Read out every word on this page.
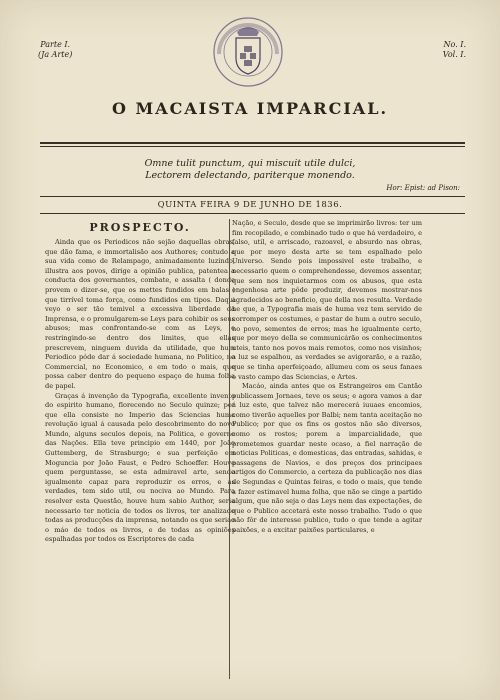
Parte I.
(Ja Arte)
No. I.
Vol. I.
O MACAISTA IMPARCIAL.
Omne tulit punctum, qui miscuit utile dulci,
Lectorem delectando, pariterque monendo.
Hor: Epist: ad Pison:
QUINTA FEIRA 9 DE JUNHO DE 1836.
PROSPECTO.

Ainda que os Periodicos não sejão daquellas obras, que dão fama, e immortalisão aos Authores; contudo a sua vida como de Relampago, animadamente luzindo, illustra aos povos, dirige a opinião publica, patentea a conducta dos governantes, combate, e assalta ( donde provem o dizer-se, que os mettes fundidos em balas ) que tirrível toma força, como fundidos em tipos. Daqui veyo o ser tão temivel a excessiva liberdade da Imprensa, e o promulgarem-se Leys para cohibir os seus abusos; mas confrontando-se com as Leys, e restringindo-se dentro dos limites, que ellas prescrevem, ninguem duvida da utilidade, que hum Periodico póde dar á sociedade humana, no Politico, no Commercial, no Economico, e em todo o mais, que possa caber dentro do pequeno espaço de huma folha de papel.

Graças á invenção da Typografia, excellente invento do espirito humano, florecendo no Seculo quinze; por que ella consiste no Imperio das Sciencias huma revolução igual á causada pelo descobrimento do novo Mundo, alguns seculos depois, na Politica, e governo das Nações. Ella teve principio em 1440, por João Guttemberg, de Strasburgo; e sua perfeição em Moguncia por João Faust, e Pedro Schoeffer. Houve quem perguntasse, se esta admiravel arte, sendo igualmente capaz para reproduzir os erros, e as verdades, tem sido util, ou nociva ao Mundo. Para resolver esta Questão, houve hum sabio Author, seria necessario ter noticia de todos os livros, ter analizado todas as producções da imprensa, notando os que seriao o máo de todos os livros, e de todas as opiniões espalhadas por todos os Escriptores de cada

Nação, e Seculo, desde que se imprimirão livros: ter um fim recopilado, e combinado tudo o que há verdadeiro, e falso, util, e arriscado, razoavel, e absurdo nas obras, que por meyo desta arte se tem espalhado pelo Universo. Sendo pois impossivel este trabalho, e necessario quem o comprehendesse, devemos assentar, que sem nos inquietarmos com os abusos, que esta engenhosa arte pôde produzir, devemos mostrar-nos agradecidos ao beneficio, que della nos resulta. Verdade he que, a Typografia mais de huma vez tem servido de corromper os costumes, e pastar de hum a outro seculo, no povo, sementes de erros; mas he igualmente certo, que por meyo della se communicárão os conhecimentos uteis, tanto nos povos mais remotos, como nos visinhos; a luz se espalhou, as verdades se avigorarão, e a razão, que se tinha aperfeiçoado, allumeu com os seus fanaes o vasto campo das Sciencias, e Artes.

Macáo, ainda antes que os Estrangeiros em Cantão publicassem Jornaes, teve os seus; e agora vamos a dar á luz este, que talvez não merecerá iuuaes encomios, como tiverão aquelles por Balbi; nem tanta aceitação no Publico; por que os fins os gostos não são diversos, como os rostos; porem a imparcialidade, que prometemos guardar neste ocaso, a fiel narração de noticias Politicas, e domesticas, das entradas, sahidas, e passagens de Navios, e dos preços dos principaes artigos do Commercio, a certeza da publicação nos dias de Segundas e Quintas feiras, e todo o mais, que tende a fazer estimavel huma folha, que não se cinge a partido algum, que não seja o das Leys nem das expectações, de que o Publico accetará este nosso trabalho. Tudo o que não fôr de interesse publico, tudo o que tende a agitar paixões, e a excitar paixões particulares, e
